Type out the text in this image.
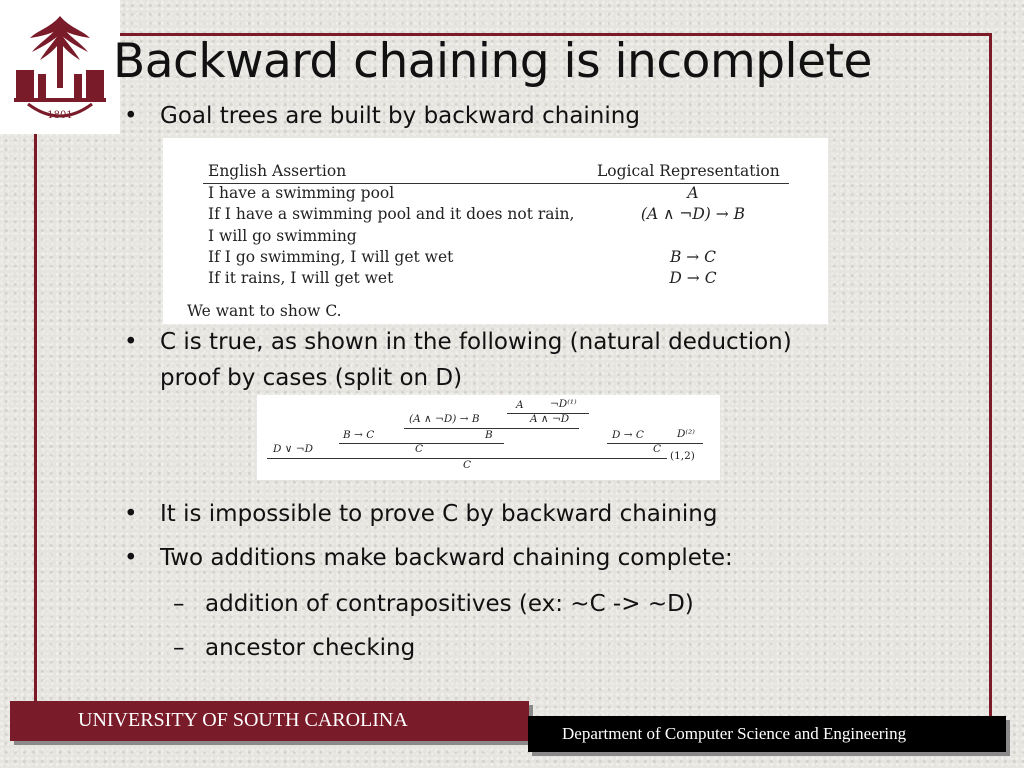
1801
Backward chaining is incomplete
• Goal trees are built by backward chaining
English Assertion	Logical Representation
I have a swimming pool	A
If I have a swimming pool and it does not rain,	(A ∧ ¬D) → B
I will go swimming
If I go swimming, I will get wet	B → C
If it rains, I will get wet	D → C
We want to show C.
• C is true, as shown in the following (natural deduction)
proof by cases (split on D)
A	¬D⁽¹⁾
(A ∧ ¬D) → B	A ∧ ¬D
B → C	B	D → C	D⁽²⁾
D ∨ ¬D	C	C
(1,2)
C
• It is impossible to prove C by backward chaining
• Two additions make backward chaining complete:
– addition of contrapositives (ex: ~C -> ~D)
– ancestor checking
UNIVERSITY OF SOUTH CAROLINA
Department of Computer Science and Engineering
